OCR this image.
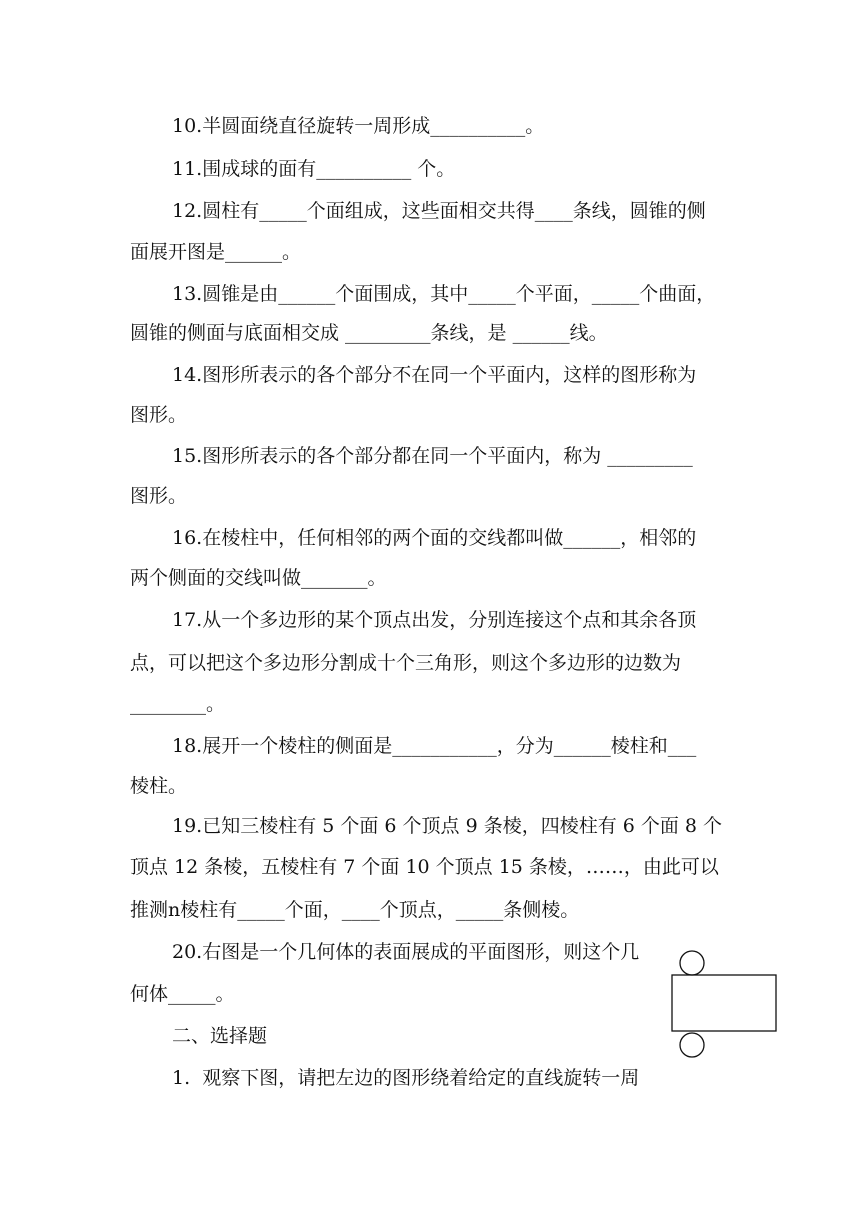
10.半圆面绕直径旋转一周形成__________。
11.围成球的面有__________ 个。
12.圆柱有_____个面组成，这些面相交共得____条线，圆锥的侧
面展开图是______。
13.圆锥是由______个面围成，其中_____个平面，_____个曲面，
圆锥的侧面与底面相交成 _________条线，是 ______线。
14.图形所表示的各个部分不在同一个平面内，这样的图形称为
图形。
15.图形所表示的各个部分都在同一个平面内，称为 _________
图形。
16.在棱柱中，任何相邻的两个面的交线都叫做______，相邻的
两个侧面的交线叫做_______。
17.从一个多边形的某个顶点出发，分别连接这个点和其余各顶
点，可以把这个多边形分割成十个三角形，则这个多边形的边数为
________。
18.展开一个棱柱的侧面是___________，分为______棱柱和___
棱柱。
19.已知三棱柱有 5 个面 6 个顶点 9 条棱，四棱柱有 6 个面 8 个
顶点 12 条棱，五棱柱有 7 个面 10 个顶点 15 条棱，……，由此可以
推测n棱柱有_____个面，____个顶点，_____条侧棱。
20.右图是一个几何体的表面展成的平面图形，则这个几
何体_____。
二、选择题
1.  观察下图，请把左边的图形绕着给定的直线旋转一周
